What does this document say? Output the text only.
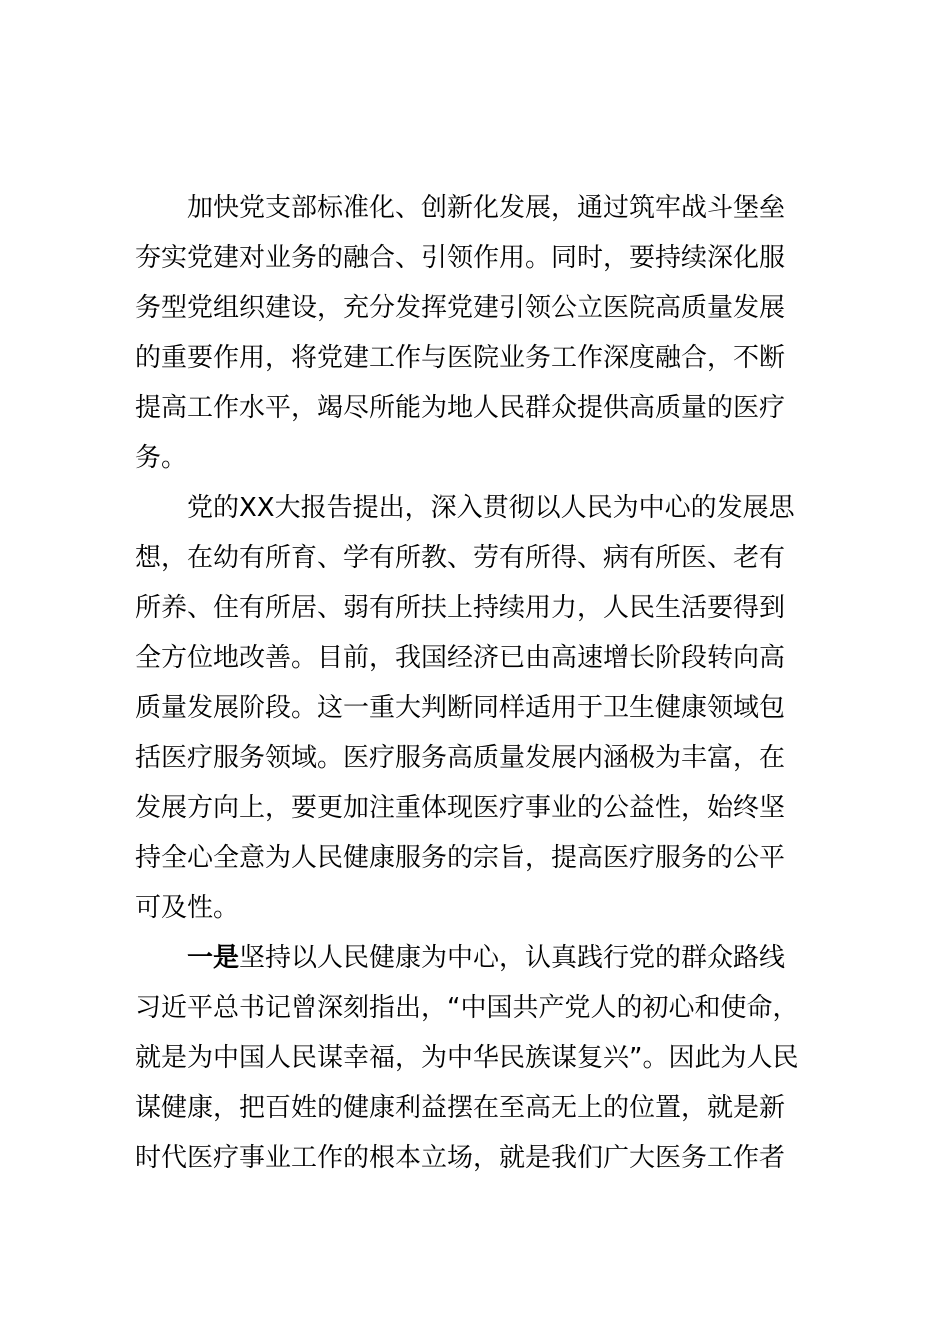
加快党支部标准化、创新化发展，通过筑牢战斗堡垒
夯实党建对业务的融合、引领作用。同时，要持续深化服
务型党组织建设，充分发挥党建引领公立医院高质量发展
的重要作用，将党建工作与医院业务工作深度融合，不断
提高工作水平，竭尽所能为地人民群众提供高质量的医疗
务。
党的XX大报告提出，深入贯彻以人民为中心的发展思
想，在幼有所育、学有所教、劳有所得、病有所医、老有
所养、住有所居、弱有所扶上持续用力，人民生活要得到
全方位地改善。目前，我国经济已由高速增长阶段转向高
质量发展阶段。这一重大判断同样适用于卫生健康领域包
括医疗服务领域。医疗服务高质量发展内涵极为丰富，在
发展方向上，要更加注重体现医疗事业的公益性，始终坚
持全心全意为人民健康服务的宗旨，提高医疗服务的公平
可及性。
一是坚持以人民健康为中心，认真践行党的群众路线
习近平总书记曾深刻指出，“中国共产党人的初心和使命，
就是为中国人民谋幸福，为中华民族谋复兴”。因此为人民
谋健康，把百姓的健康利益摆在至高无上的位置，就是新
时代医疗事业工作的根本立场，就是我们广大医务工作者
